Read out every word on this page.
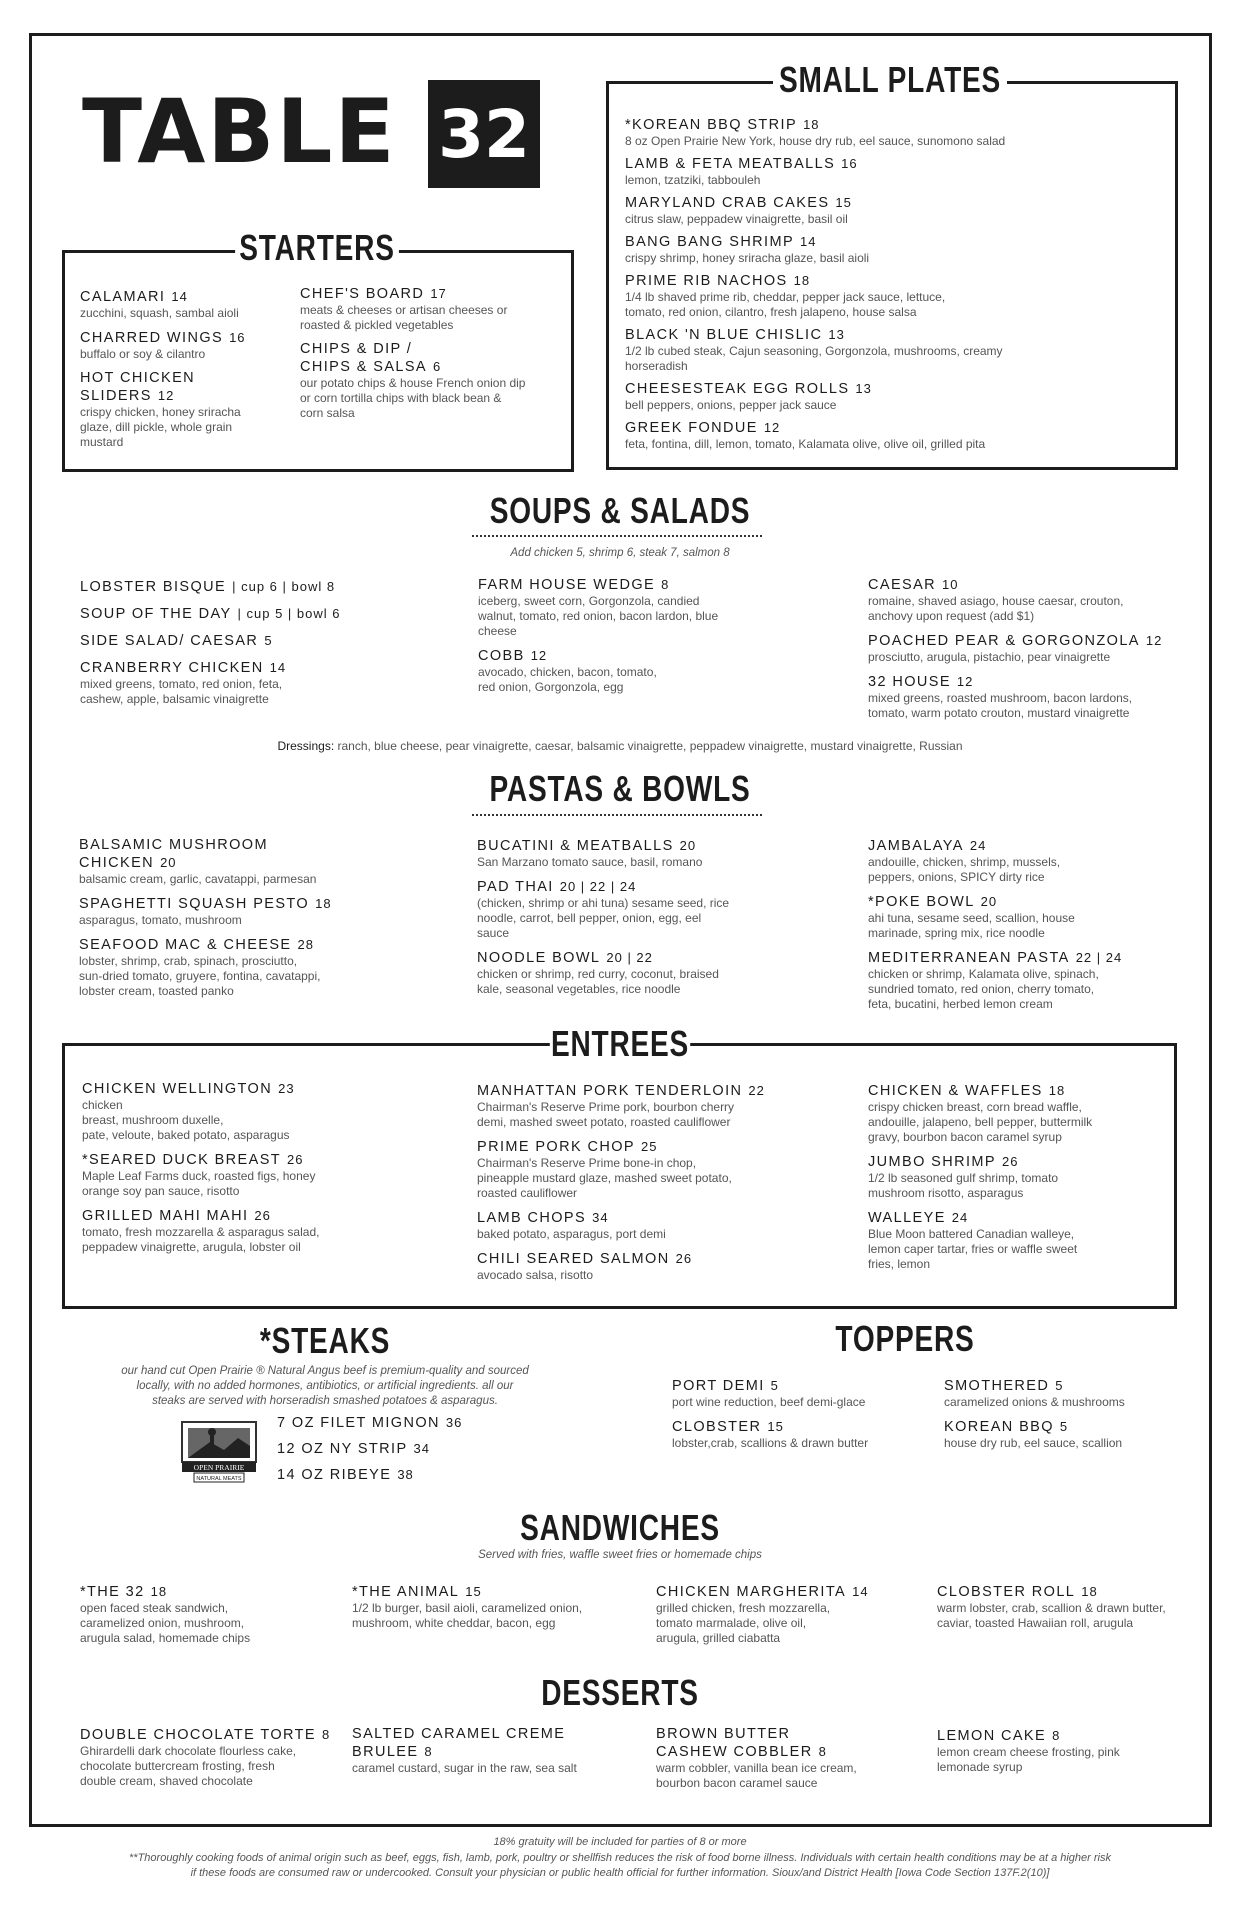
TABLE 32
STARTERS
CALAMARI 14
zucchini, squash, sambal aioli
CHARRED WINGS 16
buffalo or soy & cilantro
HOT CHICKEN
SLIDERS 12
crispy chicken, honey sriracha
glaze, dill pickle, whole grain
mustard
CHEF'S BOARD 17
meats & cheeses or artisan cheeses or
roasted & pickled vegetables
CHIPS & DIP /
CHIPS & SALSA 6
our potato chips & house French onion dip
or corn tortilla chips with black bean &
corn salsa
SMALL PLATES
*KOREAN BBQ STRIP 18
8 oz Open Prairie New York, house dry rub, eel sauce, sunomono salad
LAMB & FETA MEATBALLS 16
lemon, tzatziki, tabbouleh
MARYLAND CRAB CAKES 15
citrus slaw, peppadew vinaigrette, basil oil
BANG BANG SHRIMP 14
crispy shrimp, honey sriracha glaze, basil aioli
PRIME RIB NACHOS 18
1/4 lb shaved prime rib, cheddar, pepper jack sauce, lettuce,
tomato, red onion, cilantro, fresh jalapeno, house salsa
BLACK 'N BLUE CHISLIC 13
1/2 lb cubed steak, Cajun seasoning, Gorgonzola, mushrooms, creamy
horseradish
CHEESESTEAK EGG ROLLS 13
bell peppers, onions, pepper jack sauce
GREEK FONDUE 12
feta, fontina, dill, lemon, tomato, Kalamata olive, olive oil, grilled pita
SOUPS & SALADS
Add chicken 5, shrimp 6, steak 7, salmon 8
LOBSTER BISQUE | cup 6 | bowl 8
SOUP OF THE DAY | cup 5 | bowl 6
SIDE SALAD/ CAESAR 5
CRANBERRY CHICKEN 14
mixed greens, tomato, red onion, feta,
cashew, apple, balsamic vinaigrette
FARM HOUSE WEDGE 8
iceberg, sweet corn, Gorgonzola, candied
walnut, tomato, red onion, bacon lardon, blue
cheese
COBB 12
avocado, chicken, bacon, tomato,
red onion, Gorgonzola, egg
CAESAR 10
romaine, shaved asiago, house caesar, crouton,
anchovy upon request (add $1)
POACHED PEAR & GORGONZOLA 12
prosciutto, arugula, pistachio, pear vinaigrette
32 HOUSE 12
mixed greens, roasted mushroom, bacon lardons,
tomato, warm potato crouton, mustard vinaigrette
Dressings: ranch, blue cheese, pear vinaigrette, caesar, balsamic vinaigrette, peppadew vinaigrette, mustard vinaigrette, Russian
PASTAS & BOWLS
BALSAMIC MUSHROOM
CHICKEN 20
balsamic cream, garlic, cavatappi, parmesan
SPAGHETTI SQUASH PESTO 18
asparagus, tomato, mushroom
SEAFOOD MAC & CHEESE 28
lobster, shrimp, crab, spinach, prosciutto,
sun-dried tomato, gruyere, fontina, cavatappi,
lobster cream, toasted panko
BUCATINI & MEATBALLS 20
San Marzano tomato sauce, basil, romano
PAD THAI 20 | 22 | 24
(chicken, shrimp or ahi tuna) sesame seed, rice
noodle, carrot, bell pepper, onion, egg, eel
sauce
NOODLE BOWL 20 | 22
chicken or shrimp, red curry, coconut, braised
kale, seasonal vegetables, rice noodle
JAMBALAYA 24
andouille, chicken, shrimp, mussels,
peppers, onions, SPICY dirty rice
*POKE BOWL 20
ahi tuna, sesame seed, scallion, house
marinade, spring mix, rice noodle
MEDITERRANEAN PASTA 22 | 24
chicken or shrimp, Kalamata olive, spinach,
sundried tomato, red onion, cherry tomato,
feta, bucatini, herbed lemon cream
ENTREES
CHICKEN WELLINGTON 23
chicken
breast, mushroom duxelle,
pate, veloute, baked potato, asparagus
*SEARED DUCK BREAST 26
Maple Leaf Farms duck, roasted figs, honey
orange soy pan sauce, risotto
GRILLED MAHI MAHI 26
tomato, fresh mozzarella & asparagus salad,
peppadew vinaigrette, arugula, lobster oil
MANHATTAN PORK TENDERLOIN 22
Chairman's Reserve Prime pork, bourbon cherry
demi, mashed sweet potato, roasted cauliflower
PRIME PORK CHOP 25
Chairman's Reserve Prime bone-in chop,
pineapple mustard glaze, mashed sweet potato,
roasted cauliflower
LAMB CHOPS 34
baked potato, asparagus, port demi
CHILI SEARED SALMON 26
avocado salsa, risotto
CHICKEN & WAFFLES 18
crispy chicken breast, corn bread waffle,
andouille, jalapeno, bell pepper, buttermilk
gravy, bourbon bacon caramel syrup
JUMBO SHRIMP 26
1/2 lb seasoned gulf shrimp, tomato
mushroom risotto, asparagus
WALLEYE 24
Blue Moon battered Canadian walleye,
lemon caper tartar, fries or waffle sweet
fries, lemon
*STEAKS
our hand cut Open Prairie ® Natural Angus beef is premium-quality and sourced
locally, with no added hormones, antibiotics, or artificial ingredients. all our
steaks are served with horseradish smashed potatoes & asparagus.
OPEN PRAIRIE
NATURAL MEATS
7 OZ FILET MIGNON 36
12 OZ NY STRIP 34
14 OZ RIBEYE 38
TOPPERS
PORT DEMI 5
port wine reduction, beef demi-glace
CLOBSTER 15
lobster,crab, scallions & drawn butter
SMOTHERED 5
caramelized onions & mushrooms
KOREAN BBQ 5
house dry rub, eel sauce, scallion
SANDWICHES
Served with fries, waffle sweet fries or homemade chips
*THE 32 18
open faced steak sandwich,
caramelized onion, mushroom,
arugula salad, homemade chips
*THE ANIMAL 15
1/2 lb burger, basil aioli, caramelized onion,
mushroom, white cheddar, bacon, egg
CHICKEN MARGHERITA 14
grilled chicken, fresh mozzarella,
tomato marmalade, olive oil,
arugula, grilled ciabatta
CLOBSTER ROLL 18
warm lobster, crab, scallion & drawn butter,
caviar, toasted Hawaiian roll, arugula
DESSERTS
DOUBLE CHOCOLATE TORTE 8
Ghirardelli dark chocolate flourless cake,
chocolate buttercream frosting, fresh
double cream, shaved chocolate
SALTED CARAMEL CREME
BRULEE 8
caramel custard, sugar in the raw, sea salt
BROWN BUTTER
CASHEW COBBLER 8
warm cobbler, vanilla bean ice cream,
bourbon bacon caramel sauce
LEMON CAKE 8
lemon cream cheese frosting, pink
lemonade syrup
18% gratuity will be included for parties of 8 or more
**Thoroughly cooking foods of animal origin such as beef, eggs, fish, lamb, pork, poultry or shellfish reduces the risk of food borne illness. Individuals with certain health conditions may be at a higher risk
if these foods are consumed raw or undercooked. Consult your physician or public health official for further information. Sioux/and District Health [Iowa Code Section 137F.2(10)]
